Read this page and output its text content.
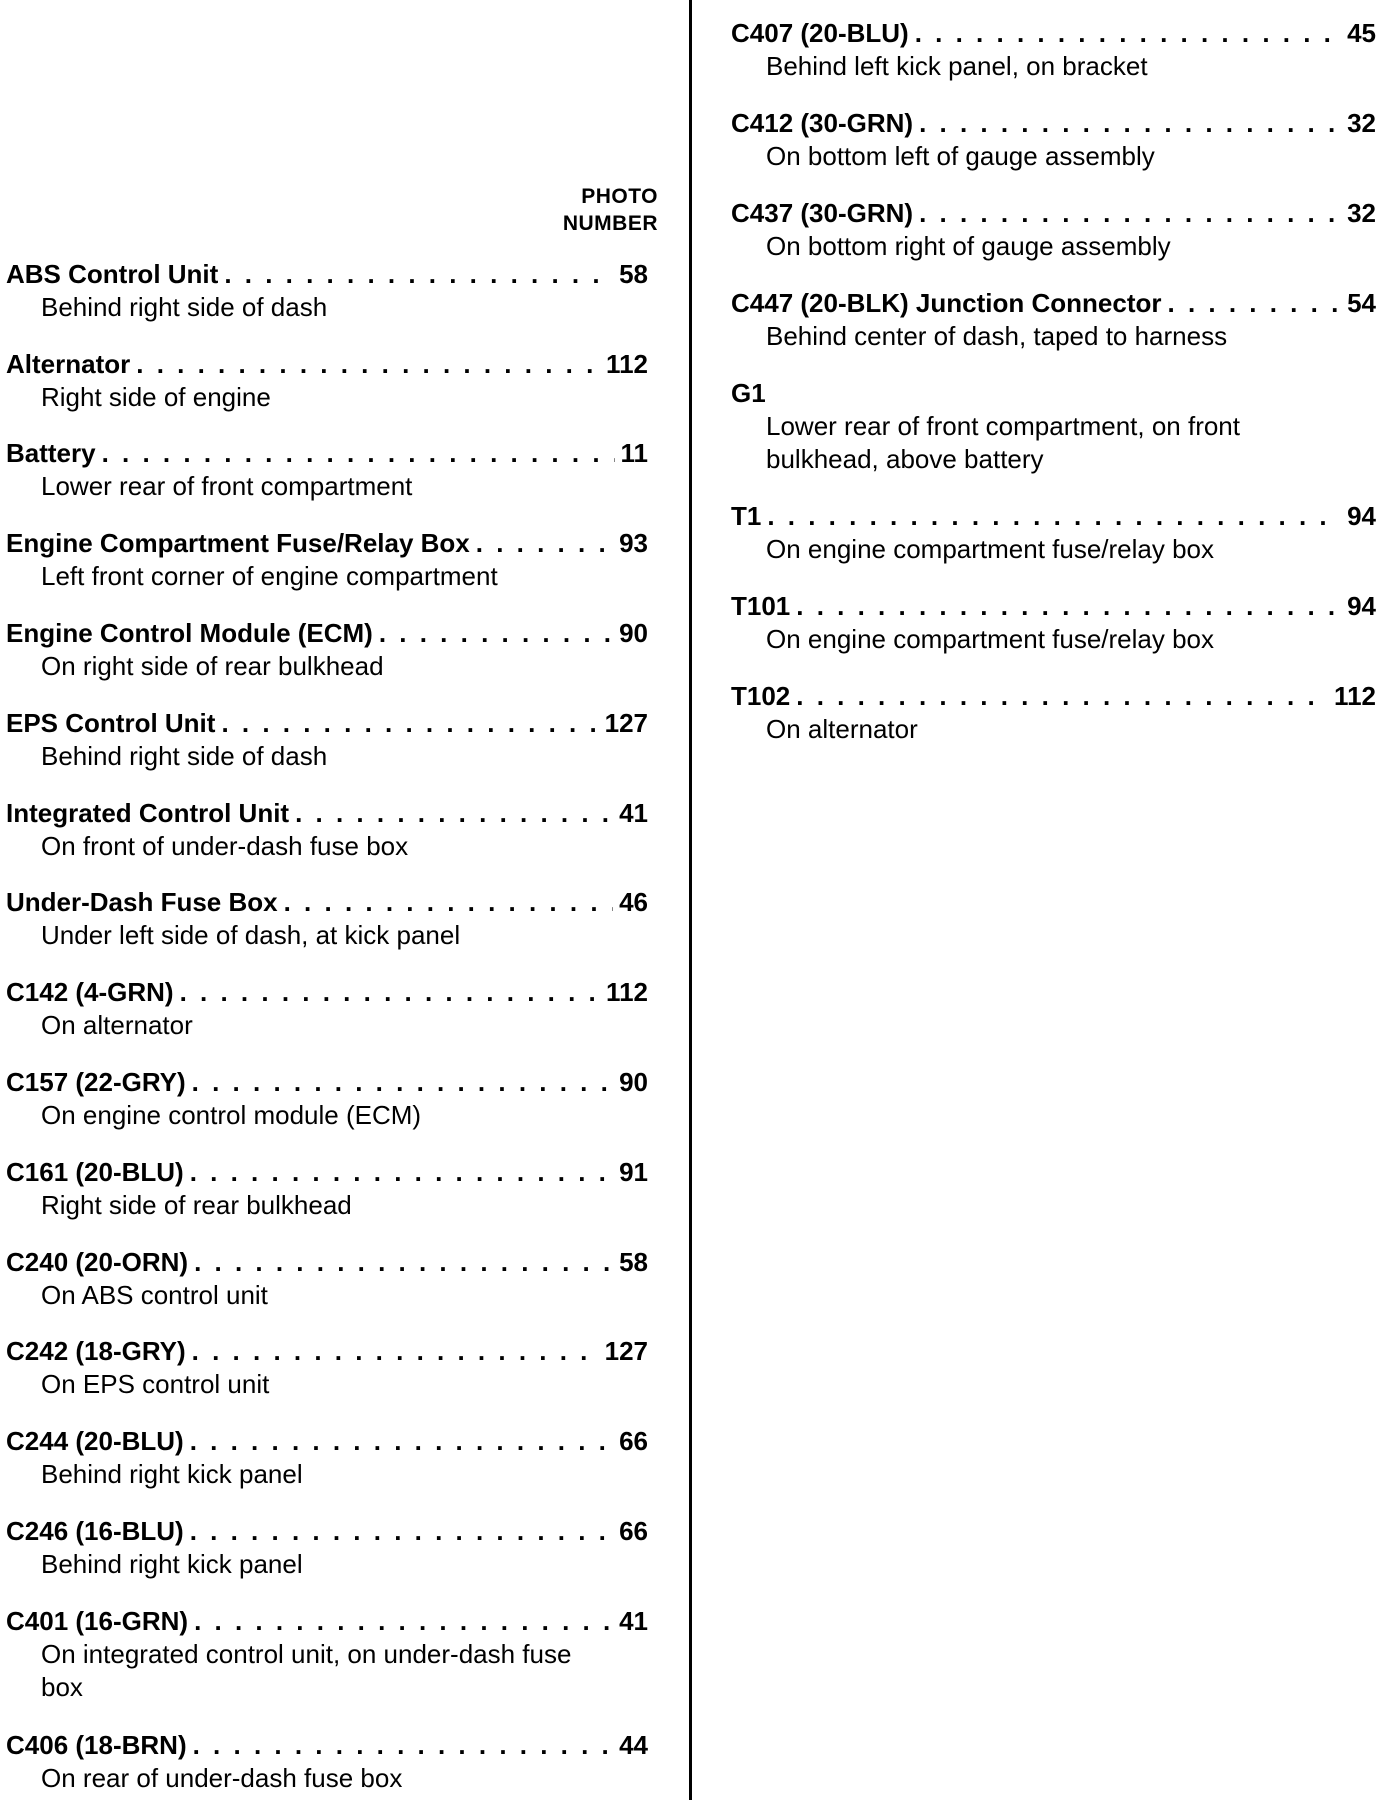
PHOTO
NUMBER
ABS Control Unit . . .	58
Behind right side of dash
Alternator . . .	112
Right side of engine
Battery . . .	11
Lower rear of front compartment
Engine Compartment Fuse/Relay Box . . .	93
Left front corner of engine compartment
Engine Control Module (ECM) . . .	90
On right side of rear bulkhead
EPS Control Unit . . .	127
Behind right side of dash
Integrated Control Unit . . .	41
On front of under-dash fuse box
Under-Dash Fuse Box . . .	46
Under left side of dash, at kick panel
C142 (4-GRN) . . .	112
On alternator
C157 (22-GRY) . . .	90
On engine control module (ECM)
C161 (20-BLU) . . .	91
Right side of rear bulkhead
C240 (20-ORN) . . .	58
On ABS control unit
C242 (18-GRY) . . .	127
On EPS control unit
C244 (20-BLU) . . .	66
Behind right kick panel
C246 (16-BLU) . . .	66
Behind right kick panel
C401 (16-GRN) . . .	41
On integrated control unit, on under-dash fuse
box
C406 (18-BRN) . . .	44
On rear of under-dash fuse box
C407 (20-BLU) . . .	45
Behind left kick panel, on bracket
C412 (30-GRN) . . .	32
On bottom left of gauge assembly
C437 (30-GRN) . . .	32
On bottom right of gauge assembly
C447 (20-BLK) Junction Connector . . .	54
Behind center of dash, taped to harness
G1
Lower rear of front compartment, on front
bulkhead, above battery
T1 . . .	94
On engine compartment fuse/relay box
T101 . . .	94
On engine compartment fuse/relay box
T102 . . .	112
On alternator
